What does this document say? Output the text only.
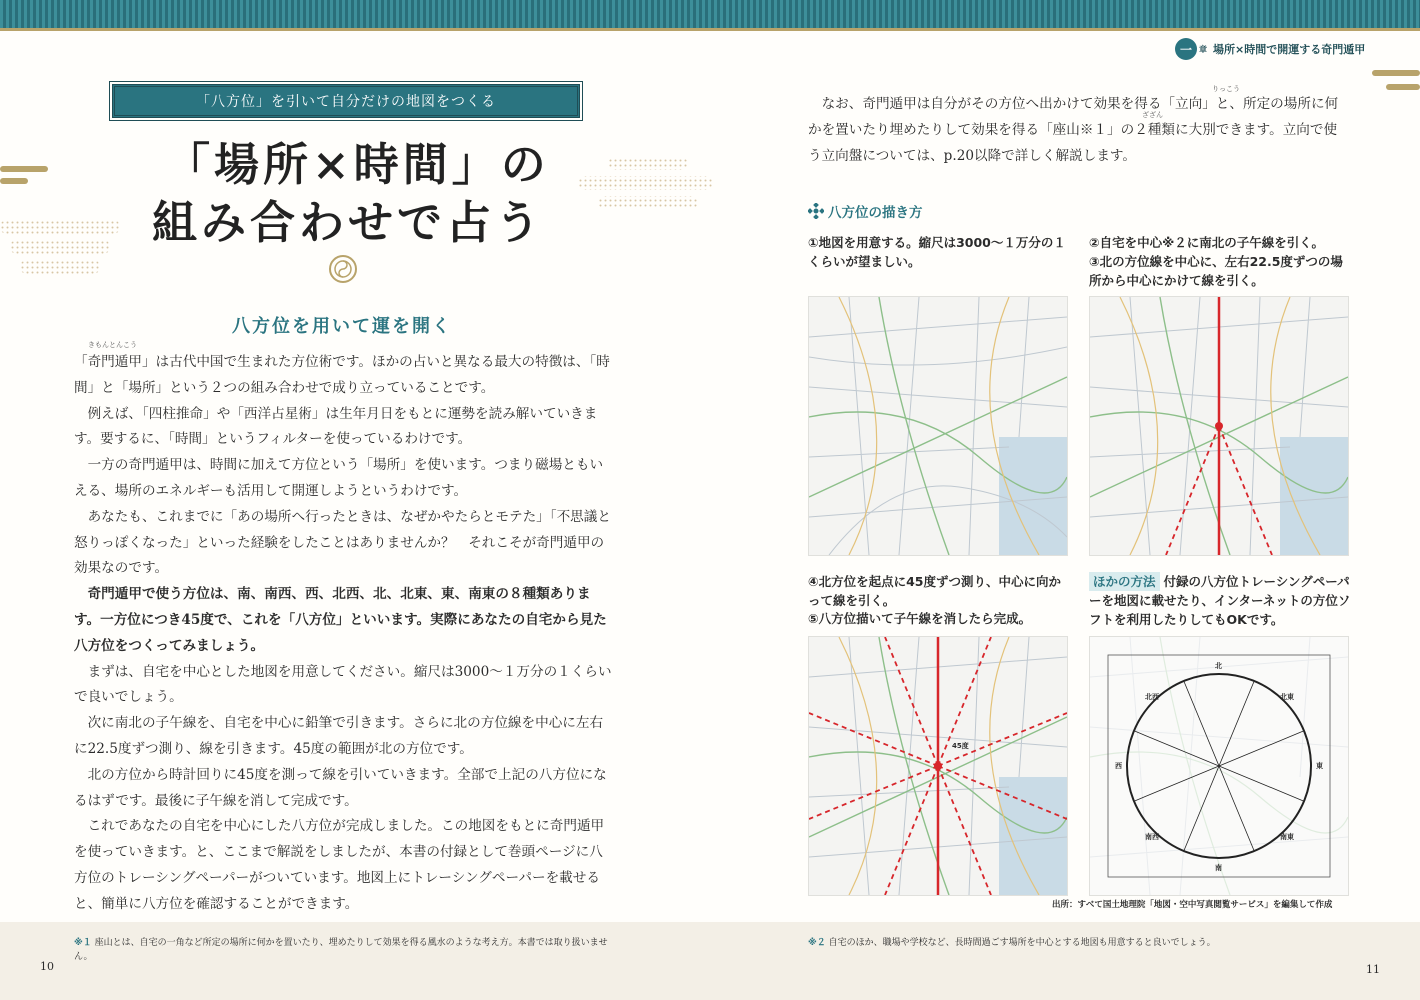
一 章 場所×時間で開運する奇門遁甲
「八方位」を引いて自分だけの地図をつくる
「場所×時間」の
組み合わせで占う
八方位を用いて運を開く
きもんとんこう

「奇門遁甲」は古代中国で生まれた方位術です。ほかの占いと異なる最大の特徴は、「時間」と「場所」という２つの組み合わせで成り立っていることです。

例えば、「四柱推命」や「西洋占星術」は生年月日をもとに運勢を読み解いていきます。要するに、「時間」というフィルターを使っているわけです。

一方の奇門遁甲は、時間に加えて方位という「場所」を使います。つまり磁場ともいえる、場所のエネルギーも活用して開運しようというわけです。

あなたも、これまでに「あの場所へ行ったときは、なぜかやたらとモテた」「不思議と怒りっぽくなった」といった経験をしたことはありませんか？　それこそが奇門遁甲の効果なのです。

奇門遁甲で使う方位は、南、南西、西、北西、北、北東、東、南東の８種類あります。一方位につき45度で、これを「八方位」といいます。実際にあなたの自宅から見た八方位をつくってみましょう。

まずは、自宅を中心とした地図を用意してください。縮尺は3000～１万分の１くらいで良いでしょう。

次に南北の子午線を、自宅を中心に鉛筆で引きます。さらに北の方位線を中心に左右に22.5度ずつ測り、線を引きます。45度の範囲が北の方位です。

北の方位から時計回りに45度を測って線を引いていきます。全部で上記の八方位になるはずです。最後に子午線を消して完成です。

これであなたの自宅を中心にした八方位が完成しました。この地図をもとに奇門遁甲を使っていきます。と、ここまで解説をしましたが、本書の付録として巻頭ページに八方位のトレーシングペーパーがついています。地図上にトレーシングペーパーを載せると、簡単に八方位を確認することができます。

りっこう
ざざん

なお、奇門遁甲は自分がその方位へ出かけて効果を得る「立向」と、所定の場所に何かを置いたり埋めたりして効果を得る「座山※１」の２種類に大別できます。立向で使う立向盤については、p.20以降で詳しく解説します。

八方位の描き方
①地図を用意する。縮尺は3000～１万分の１くらいが望ましい。
②自宅を中心※２に南北の子午線を引く。
③北の方位線を中心に、左右22.5度ずつの場所から中心にかけて線を引く。
④北方位を起点に45度ずつ測り、中心に向かって線を引く。
⑤八方位描いて子午線を消したら完成。
ほかの方法 付録の八方位トレーシングペーパーを地図に載せたり、インターネットの方位ソフトを利用したりしてもOKです。
45度
北
北東
東
南東
南
南西
西
北西
出所：すべて国土地理院「地図・空中写真閲覧サービス」を編集して作成
※１ 座山とは、自宅の一角など所定の場所に何かを置いたり、埋めたりして効果を得る風水のような考え方。本書では取り扱いません。
※２ 自宅のほか、職場や学校など、長時間過ごす場所を中心とする地図も用意すると良いでしょう。
10	11
